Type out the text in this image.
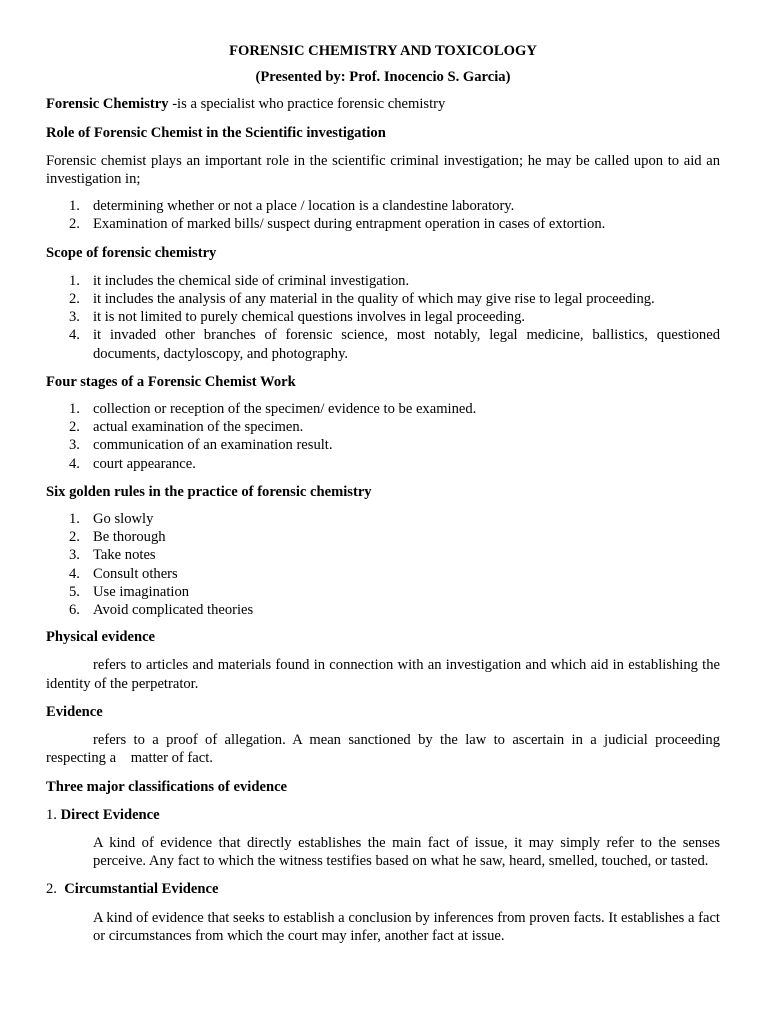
FORENSIC CHEMISTRY AND TOXICOLOGY

(Presented by: Prof. Inocencio S. Garcia)

Forensic Chemistry -is a specialist who practice forensic chemistry

Role of Forensic Chemist in the Scientific investigation

Forensic chemist plays an important role in the scientific criminal investigation; he may be called upon to aid an investigation in;

1. determining whether or not a place / location is a clandestine laboratory.
2. Examination of marked bills/ suspect during entrapment operation in cases of extortion.

Scope of forensic chemistry

1. it includes the chemical side of criminal investigation.
2. it includes the analysis of any material in the quality of which may give rise to legal proceeding.
3. it is not limited to purely chemical questions involves in legal proceeding.
4. it invaded other branches of forensic science, most notably, legal medicine, ballistics, questioned documents, dactyloscopy, and photography.

Four stages of a Forensic Chemist Work

1. collection or reception of the specimen/ evidence to be examined.
2. actual examination of the specimen.
3. communication of an examination result.
4. court appearance.

Six golden rules in the practice of forensic chemistry

1. Go slowly
2. Be thorough
3. Take notes
4. Consult others
5. Use imagination
6. Avoid complicated theories

Physical evidence

refers to articles and materials found in connection with an investigation and which aid in establishing the identity of the perpetrator.

Evidence

refers to a proof of allegation. A mean sanctioned by the law to ascertain in a judicial proceeding respecting a    matter of fact.

Three major classifications of evidence

1. Direct Evidence

A kind of evidence that directly establishes the main fact of issue, it may simply refer to the senses perceive. Any fact to which the witness testifies based on what he saw, heard, smelled, touched, or tasted.

2. Circumstantial Evidence

A kind of evidence that seeks to establish a conclusion by inferences from proven facts. It establishes a fact or circumstances from which the court may infer, another fact at issue.
